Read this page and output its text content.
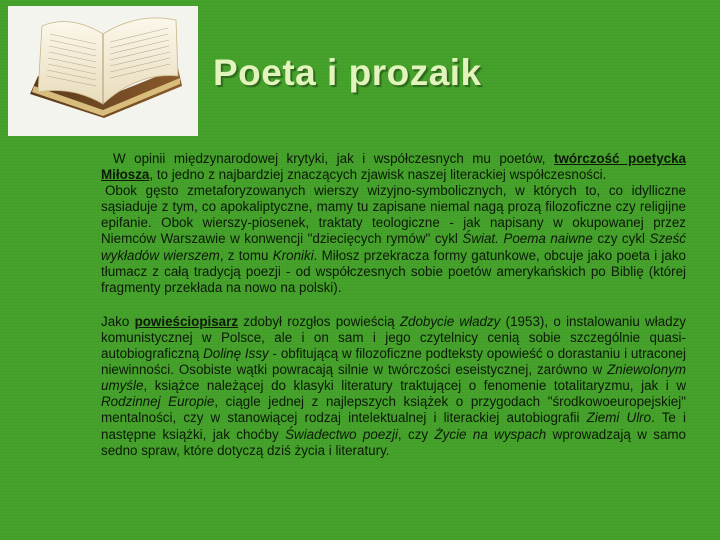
Poeta i prozaik

W opinii międzynarodowej krytyki, jak i współczesnych mu poetów, twórczość poetycka Miłosza, to jedno z najbardziej znaczących zjawisk naszej literackiej współczesności.

Obok gęsto zmetaforyzowanych wierszy wizyjno-symbolicznych, w których to, co idylliczne sąsiaduje z tym, co apokaliptyczne, mamy tu zapisane niemal nagą prozą filozoficzne czy religijne epifanie. Obok wierszy-piosenek, traktaty teologiczne - jak napisany w okupowanej przez Niemców Warszawie w konwencji "dziecięcych rymów" cykl Świat. Poema naiwne czy cykl Sześć wykładów wierszem, z tomu Kroniki. Miłosz przekracza formy gatunkowe, obcuje jako poeta i jako tłumacz z całą tradycją poezji - od współczesnych sobie poetów amerykańskich po Biblię (której fragmenty przekłada na nowo na polski).

Jako powieściopisarz zdobył rozgłos powieścią Zdobycie władzy (1953), o instalowaniu władzy komunistycznej w Polsce, ale i on sam i jego czytelnicy cenią sobie szczególnie quasi-autobiograficzną Dolinę Issy - obfitującą w filozoficzne podteksty opowieść o dorastaniu i utraconej niewinności. Osobiste wątki powracają silnie w twórczości eseistycznej, zarówno w Zniewolonym umyśle, książce należącej do klasyki literatury traktującej o fenomenie totalitaryzmu, jak i w Rodzinnej Europie, ciągle jednej z najlepszych książek o przygodach "środkowoeuropejskiej" mentalności, czy w stanowiącej rodzaj intelektualnej i literackiej autobiografii Ziemi Ulro. Te i następne książki, jak choćby Świadectwo poezji, czy Życie na wyspach wprowadzają w samo sedno spraw, które dotyczą dziś życia i literatury.
